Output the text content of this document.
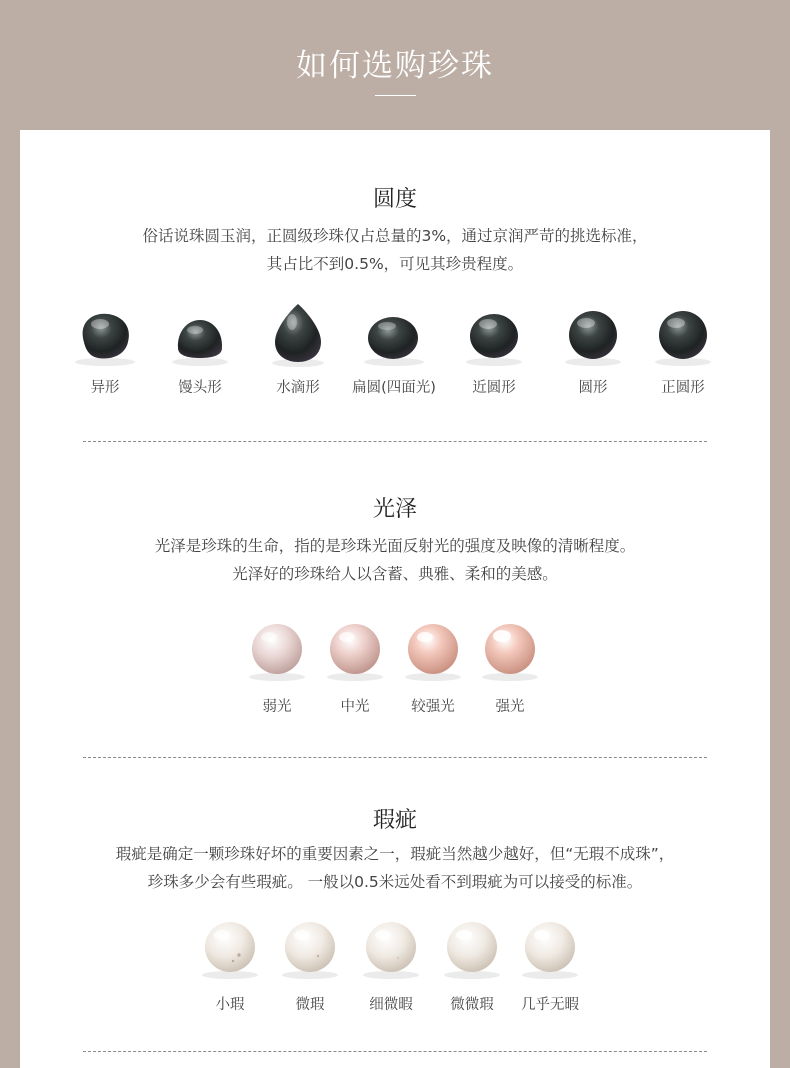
如何选购珍珠
圆度
俗话说珠圆玉润，正圆级珍珠仅占总量的3%，通过京润严苛的挑选标准，
其占比不到0.5%，可见其珍贵程度。
异形	馒头形	水滴形	扁圆(四面光)	近圆形	圆形	正圆形
光泽
光泽是珍珠的生命，指的是珍珠光面反射光的强度及映像的清晰程度。
光泽好的珍珠给人以含蓄、典雅、柔和的美感。
弱光	中光	较强光	强光
瑕疵
瑕疵是确定一颗珍珠好坏的重要因素之一，瑕疵当然越少越好，但“无瑕不成珠”，
珍珠多少会有些瑕疵。 一般以0.5米远处看不到瑕疵为可以接受的标准。
小瑕	微瑕	细微暇	微微瑕	几乎无暇
